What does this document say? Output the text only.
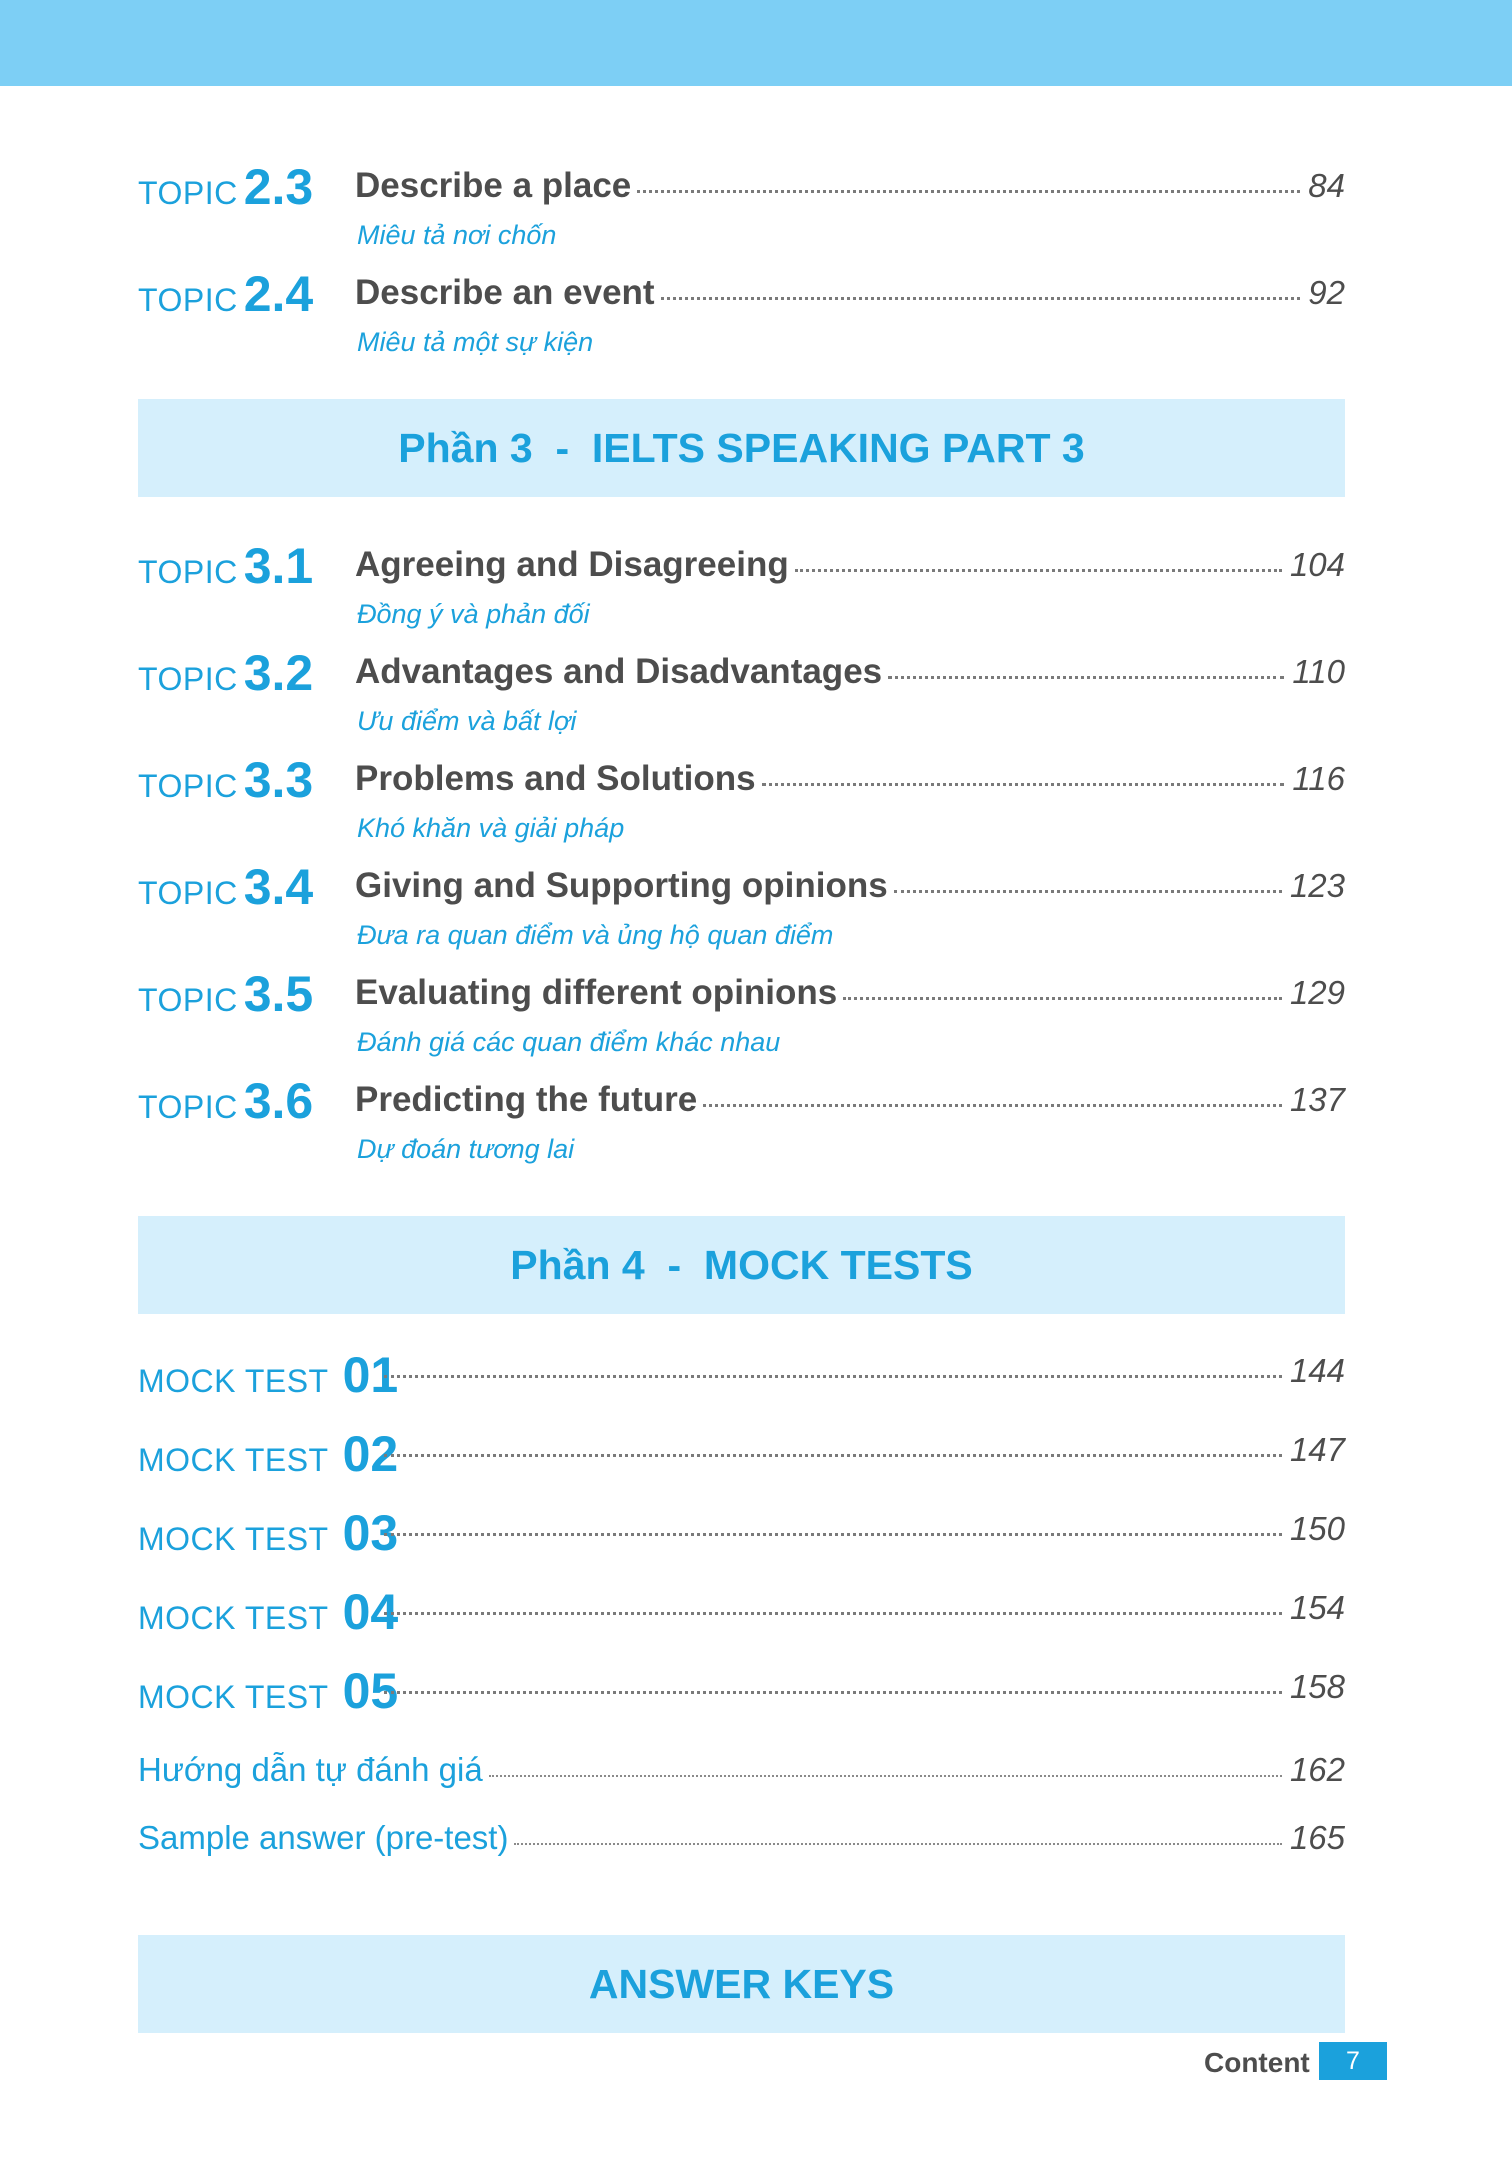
TOPIC 2.3 Describe a place	84
Miêu tả nơi chốn
TOPIC 2.4 Describe an event	92
Miêu tả một sự kiện
Phần 3  -  IELTS SPEAKING PART 3
TOPIC 3.1 Agreeing and Disagreeing	104
Đồng ý và phản đối
TOPIC 3.2 Advantages and Disadvantages	110
Ưu điểm và bất lợi
TOPIC 3.3 Problems and Solutions	116
Khó khăn và giải pháp
TOPIC 3.4 Giving and Supporting opinions	123
Đưa ra quan điểm và ủng hộ quan điểm
TOPIC 3.5 Evaluating different opinions	129
Đánh giá các quan điểm khác nhau
TOPIC 3.6 Predicting the future	137
Dự đoán tương lai
Phần 4  -  MOCK TESTS
MOCK TEST 01	144
MOCK TEST 02	147
MOCK TEST 03	150
MOCK TEST 04	154
MOCK TEST 05	158
Hướng dẫn tự đánh giá	162
Sample answer (pre-test)	165
ANSWER KEYS
Content	7
